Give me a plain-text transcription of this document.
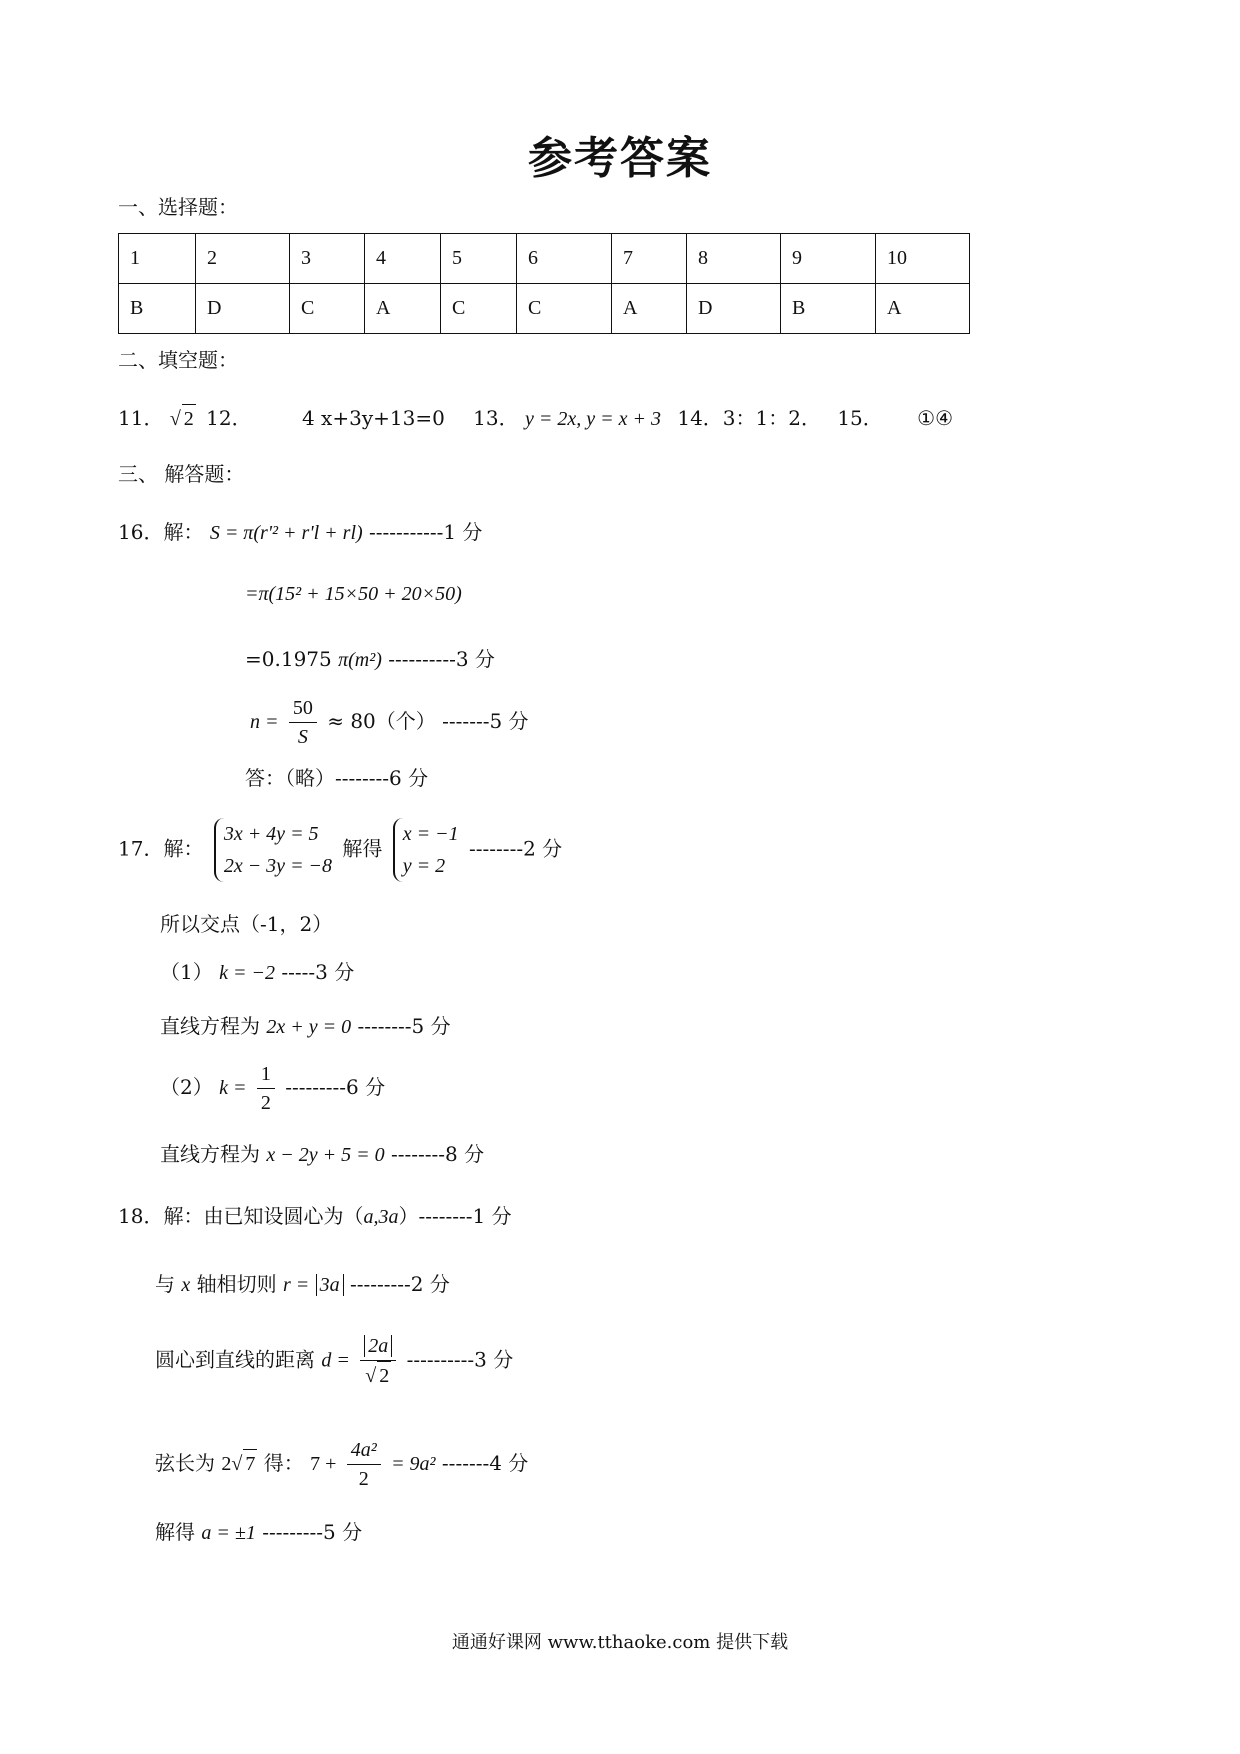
参考答案
一、选择题：
1	2	3	4	5	6	7	8	9	10
B	D	C	A	C	C	A	D	B	A
二、填空题：
11． √ 2 12．	4 x+3y+13=0 13． y = 2x, y = x + 3 14．3：1：2． 15． ①④
三、 解答题：
16．解： S = π(r'² + r'l + rl) -----------1 分
=π(15² + 15×50 + 20×50)
=0.1975 π(m²) ----------3 分
$n = \frac{50}{S} \approx 80$（个） -------5 分
答：（略）--------6 分
17．解：
3x + 4y = 5
2x − 3y = −8
解得
x = −1
y = 2
--------2 分
所以交点（-1，2）
（1） k = −2 -----3 分
直线方程为 2x + y = 0 --------5 分
（2） $k = \frac{1}{2} ---------6$ 分
直线方程为 x − 2y + 5 = 0 --------8 分
18．解：由已知设圆心为（a,3a）--------1 分
与 x 轴相切则 r = 3a ---------2 分
圆心到直线的距离 $d = \frac{2a}{√ 2} ----------3$ 分
弦长为 2√ 7 得： $7 + \frac{\text{4a²}}{2} = 9a^2$ -------4 分
解得 a = ±1 ---------5 分
通通好课网 www.tthaoke.com 提供下载
